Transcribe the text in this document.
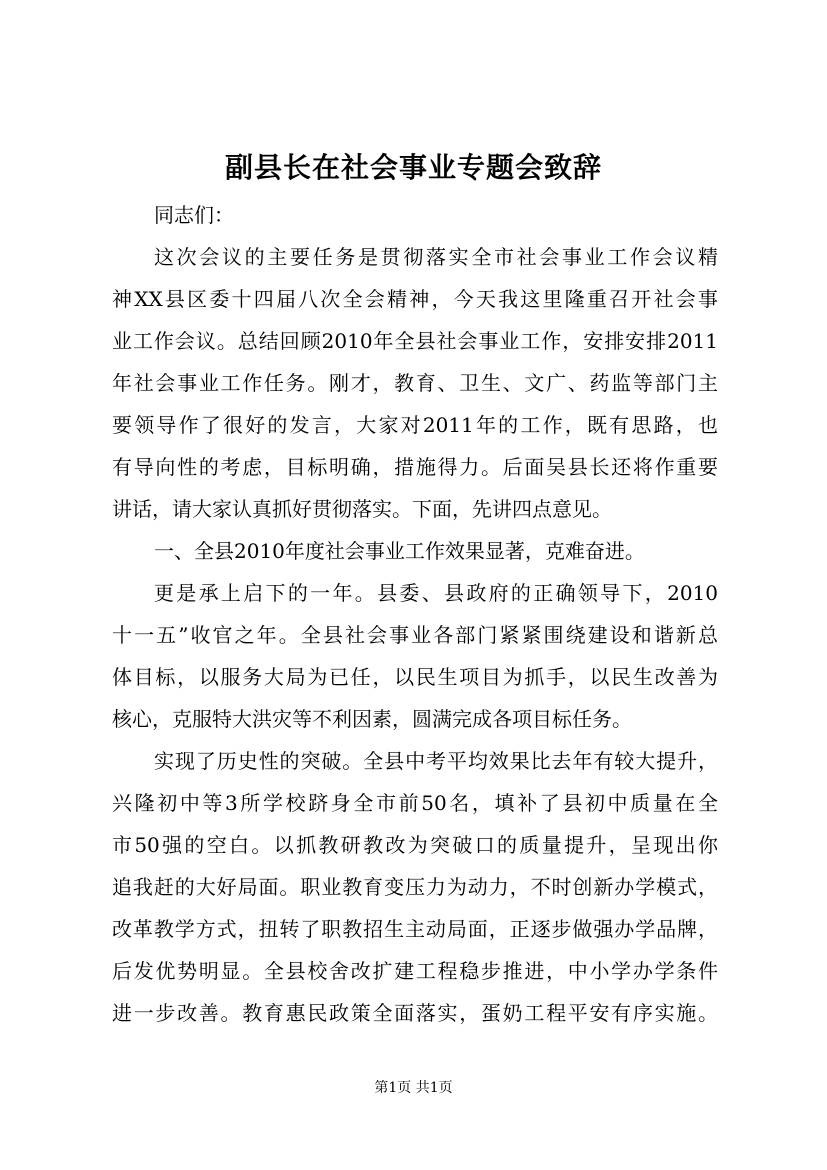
副县长在社会事业专题会致辞
同志们：
这次会议的主要任务是贯彻落实全市社会事业工作会议精
神XX县区委十四届八次全会精神，今天我这里隆重召开社会事
业工作会议。总结回顾2010年全县社会事业工作，安排安排2011
年社会事业工作任务。刚才，教育、卫生、文广、药监等部门主
要领导作了很好的发言，大家对2011年的工作，既有思路，也
有导向性的考虑，目标明确，措施得力。后面吴县长还将作重要
讲话，请大家认真抓好贯彻落实。下面，先讲四点意见。
一、全县2010年度社会事业工作效果显著，克难奋进。
更是承上启下的一年。县委、县政府的正确领导下，2010
十一五”收官之年。全县社会事业各部门紧紧围绕建设和谐新总
体目标，以服务大局为已任，以民生项目为抓手，以民生改善为
核心，克服特大洪灾等不利因素，圆满完成各项目标任务。
实现了历史性的突破。全县中考平均效果比去年有较大提升，
兴隆初中等3所学校跻身全市前50名，填补了县初中质量在全
市50强的空白。以抓教研教改为突破口的质量提升，呈现出你
追我赶的大好局面。职业教育变压力为动力，不时创新办学模式，
改革教学方式，扭转了职教招生主动局面，正逐步做强办学品牌，
后发优势明显。全县校舍改扩建工程稳步推进，中小学办学条件
进一步改善。教育惠民政策全面落实，蛋奶工程平安有序实施。
第1页 共1页
